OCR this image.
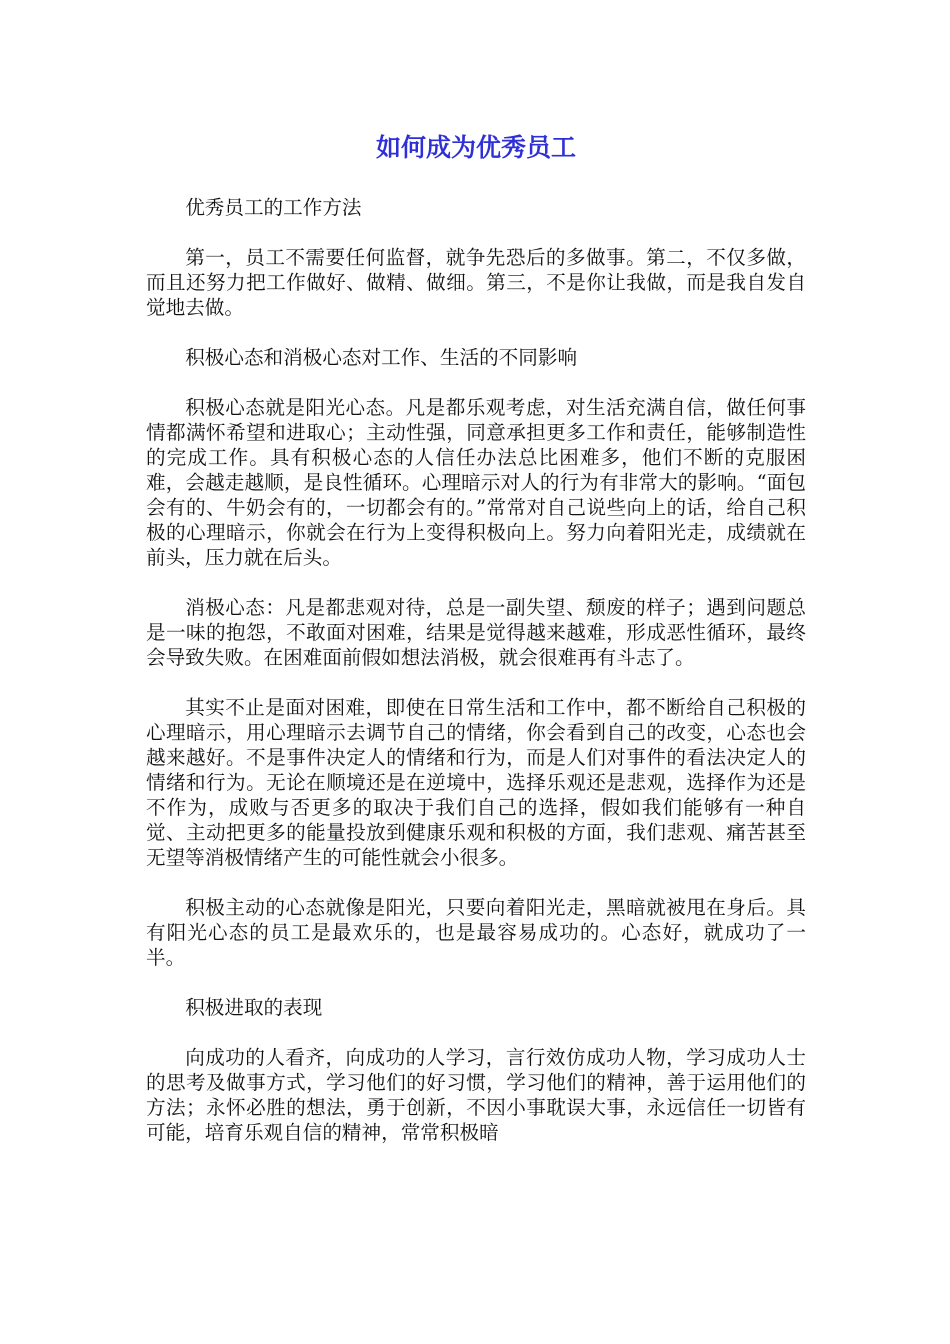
如何成为优秀员工

优秀员工的工作方法

第一，员工不需要任何监督，就争先恐后的多做事。第二，不仅多做，而且还努力把工作做好、做精、做细。第三，不是你让我做，而是我自发自觉地去做。

积极心态和消极心态对工作、生活的不同影响

积极心态就是阳光心态。凡是都乐观考虑，对生活充满自信，做任何事情都满怀希望和进取心；主动性强，同意承担更多工作和责任，能够制造性的完成工作。具有积极心态的人信任办法总比困难多，他们不断的克服困难，会越走越顺，是良性循环。心理暗示对人的行为有非常大的影响。“面包会有的、牛奶会有的，一切都会有的。”常常对自己说些向上的话，给自己积极的心理暗示，你就会在行为上变得积极向上。努力向着阳光走，成绩就在前头，压力就在后头。

消极心态：凡是都悲观对待，总是一副失望、颓废的样子；遇到问题总是一味的抱怨，不敢面对困难，结果是觉得越来越难，形成恶性循环，最终会导致失败。在困难面前假如想法消极，就会很难再有斗志了。

其实不止是面对困难，即使在日常生活和工作中，都不断给自己积极的心理暗示，用心理暗示去调节自己的情绪，你会看到自己的改变，心态也会越来越好。不是事件决定人的情绪和行为，而是人们对事件的看法决定人的情绪和行为。无论在顺境还是在逆境中，选择乐观还是悲观，选择作为还是不作为，成败与否更多的取决于我们自己的选择，假如我们能够有一种自觉、主动把更多的能量投放到健康乐观和积极的方面，我们悲观、痛苦甚至无望等消极情绪产生的可能性就会小很多。

积极主动的心态就像是阳光，只要向着阳光走，黑暗就被甩在身后。具有阳光心态的员工是最欢乐的，也是最容易成功的。心态好，就成功了一半。

积极进取的表现

向成功的人看齐，向成功的人学习，言行效仿成功人物，学习成功人士的思考及做事方式，学习他们的好习惯，学习他们的精神，善于运用他们的方法；永怀必胜的想法，勇于创新，不因小事耽误大事，永远信任一切皆有可能，培育乐观自信的精神，常常积极暗
